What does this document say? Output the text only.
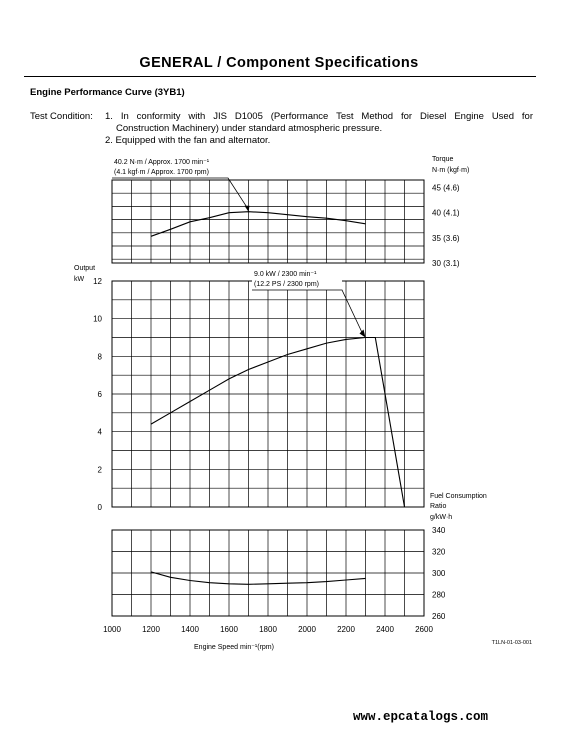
GENERAL / Component Specifications
Engine Performance Curve (3YB1)
Test Condition: 1. In conformity with JIS D1005 (Performance Test Method for Diesel Engine Used for
Construction Machinery) under standard atmospheric pressure.
2. Equipped with the fan and alternator.
30 (3.1)
35 (3.6)
40 (4.1)
45 (4.6)
Torque
N·m (kgf·m)
40.2 N·m / Approx. 1700 min⁻¹
(4.1 kgf·m / Approx. 1700 rpm)
0
2
4
6
8
10
12
Output
kW
9.0 kW / 2300 min⁻¹
(12.2 PS / 2300 rpm)
260
280
300
320
340
Fuel Consumption
Ratio
g/kW·h
1000	1200	1400	1600	1800	2000	2200	2400	2600
Engine Speed min⁻¹(rpm)
T1LN-01-03-001
www.epcatalogs.com
